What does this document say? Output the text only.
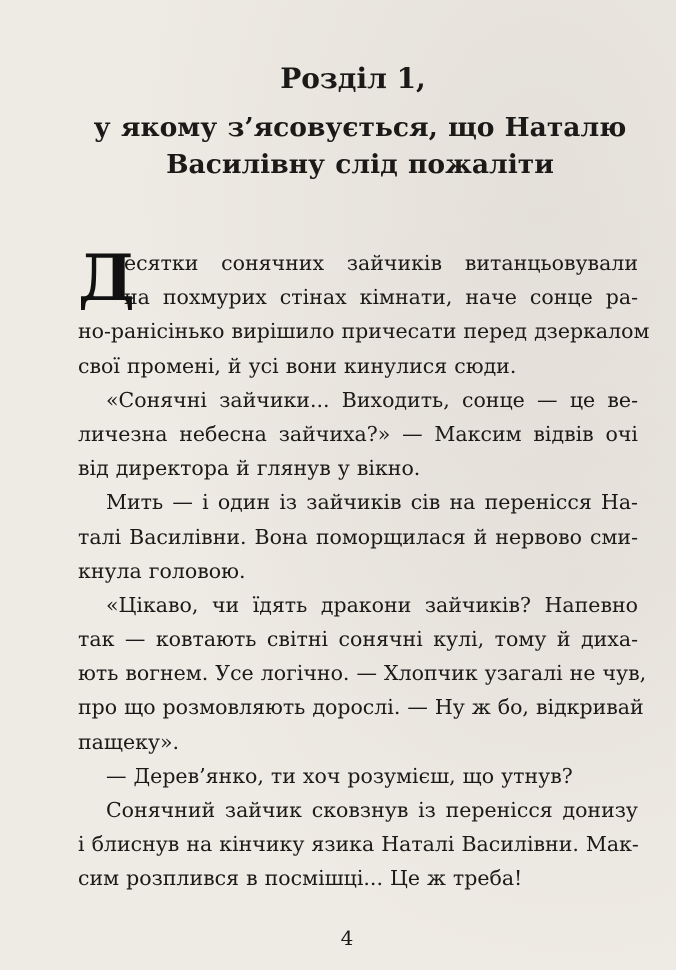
Розділ 1,
у якому з’ясовується, що Наталю
Василівну слід пожаліти
Д
есятки сонячних зайчиків витанцьовували
на похмурих стінах кімнати, наче сонце ра-
но-ранісінько вирішило причесати перед дзеркалом
свої промені, й усі вони кинулися сюди.
«Сонячні зайчики... Виходить, сонце — це ве-
личезна небесна зайчиха?» — Максим відвів очі
від директора й глянув у вікно.
Мить — і один із зайчиків сів на перенісся На-
талі Василівни. Вона поморщилася й нервово сми-
кнула головою.
«Цікаво, чи їдять дракони зайчиків? Напевно
так — ковтають світні сонячні кулі, тому й диха-
ють вогнем. Усе логічно. — Хлопчик узагалі не чув,
про що розмовляють дорослі. — Ну ж бо, відкривай
пащеку».
— Дерев’янко, ти хоч розумієш, що утнув?
Сонячний зайчик сковзнув із перенісся донизу
і блиснув на кінчику язика Наталі Василівни. Мак-
сим розплився в посмішці... Це ж треба!
4
